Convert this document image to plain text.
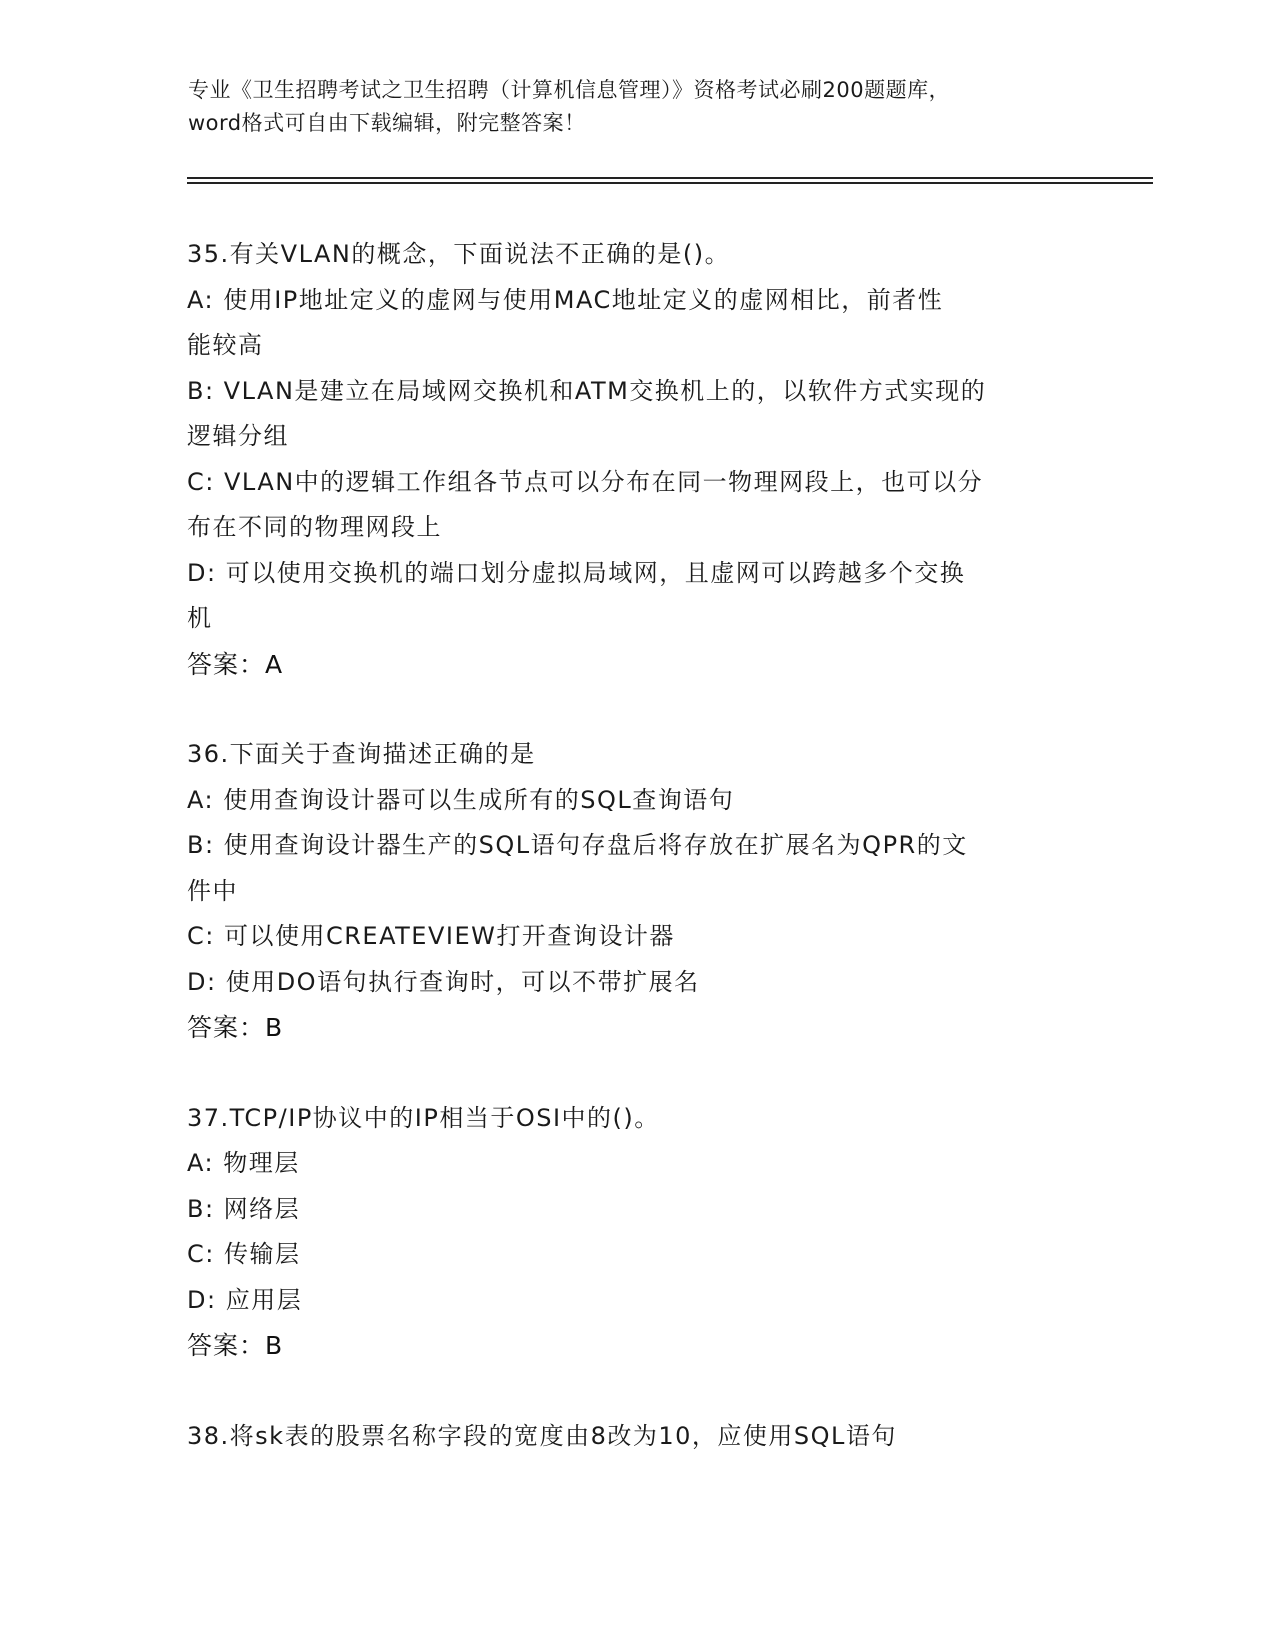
专业《卫生招聘考试之卫生招聘（计算机信息管理）》资格考试必刷200题题库，
word格式可自由下载编辑，附完整答案！
35.有关VLAN的概念，下面说法不正确的是()。
A: 使用IP地址定义的虚网与使用MAC地址定义的虚网相比，前者性
能较高
B: VLAN是建立在局域网交换机和ATM交换机上的，以软件方式实现的
逻辑分组
C: VLAN中的逻辑工作组各节点可以分布在同一物理网段上，也可以分
布在不同的物理网段上
D: 可以使用交换机的端口划分虚拟局域网，且虚网可以跨越多个交换
机
答案：A
36.下面关于查询描述正确的是
A: 使用查询设计器可以生成所有的SQL查询语句
B: 使用查询设计器生产的SQL语句存盘后将存放在扩展名为QPR的文
件中
C: 可以使用CREATEVIEW打开查询设计器
D: 使用DO语句执行查询时，可以不带扩展名
答案：B
37.TCP/IP协议中的IP相当于OSI中的()。
A: 物理层
B: 网络层
C: 传输层
D: 应用层
答案：B
38.将sk表的股票名称字段的宽度由8改为10，应使用SQL语句
